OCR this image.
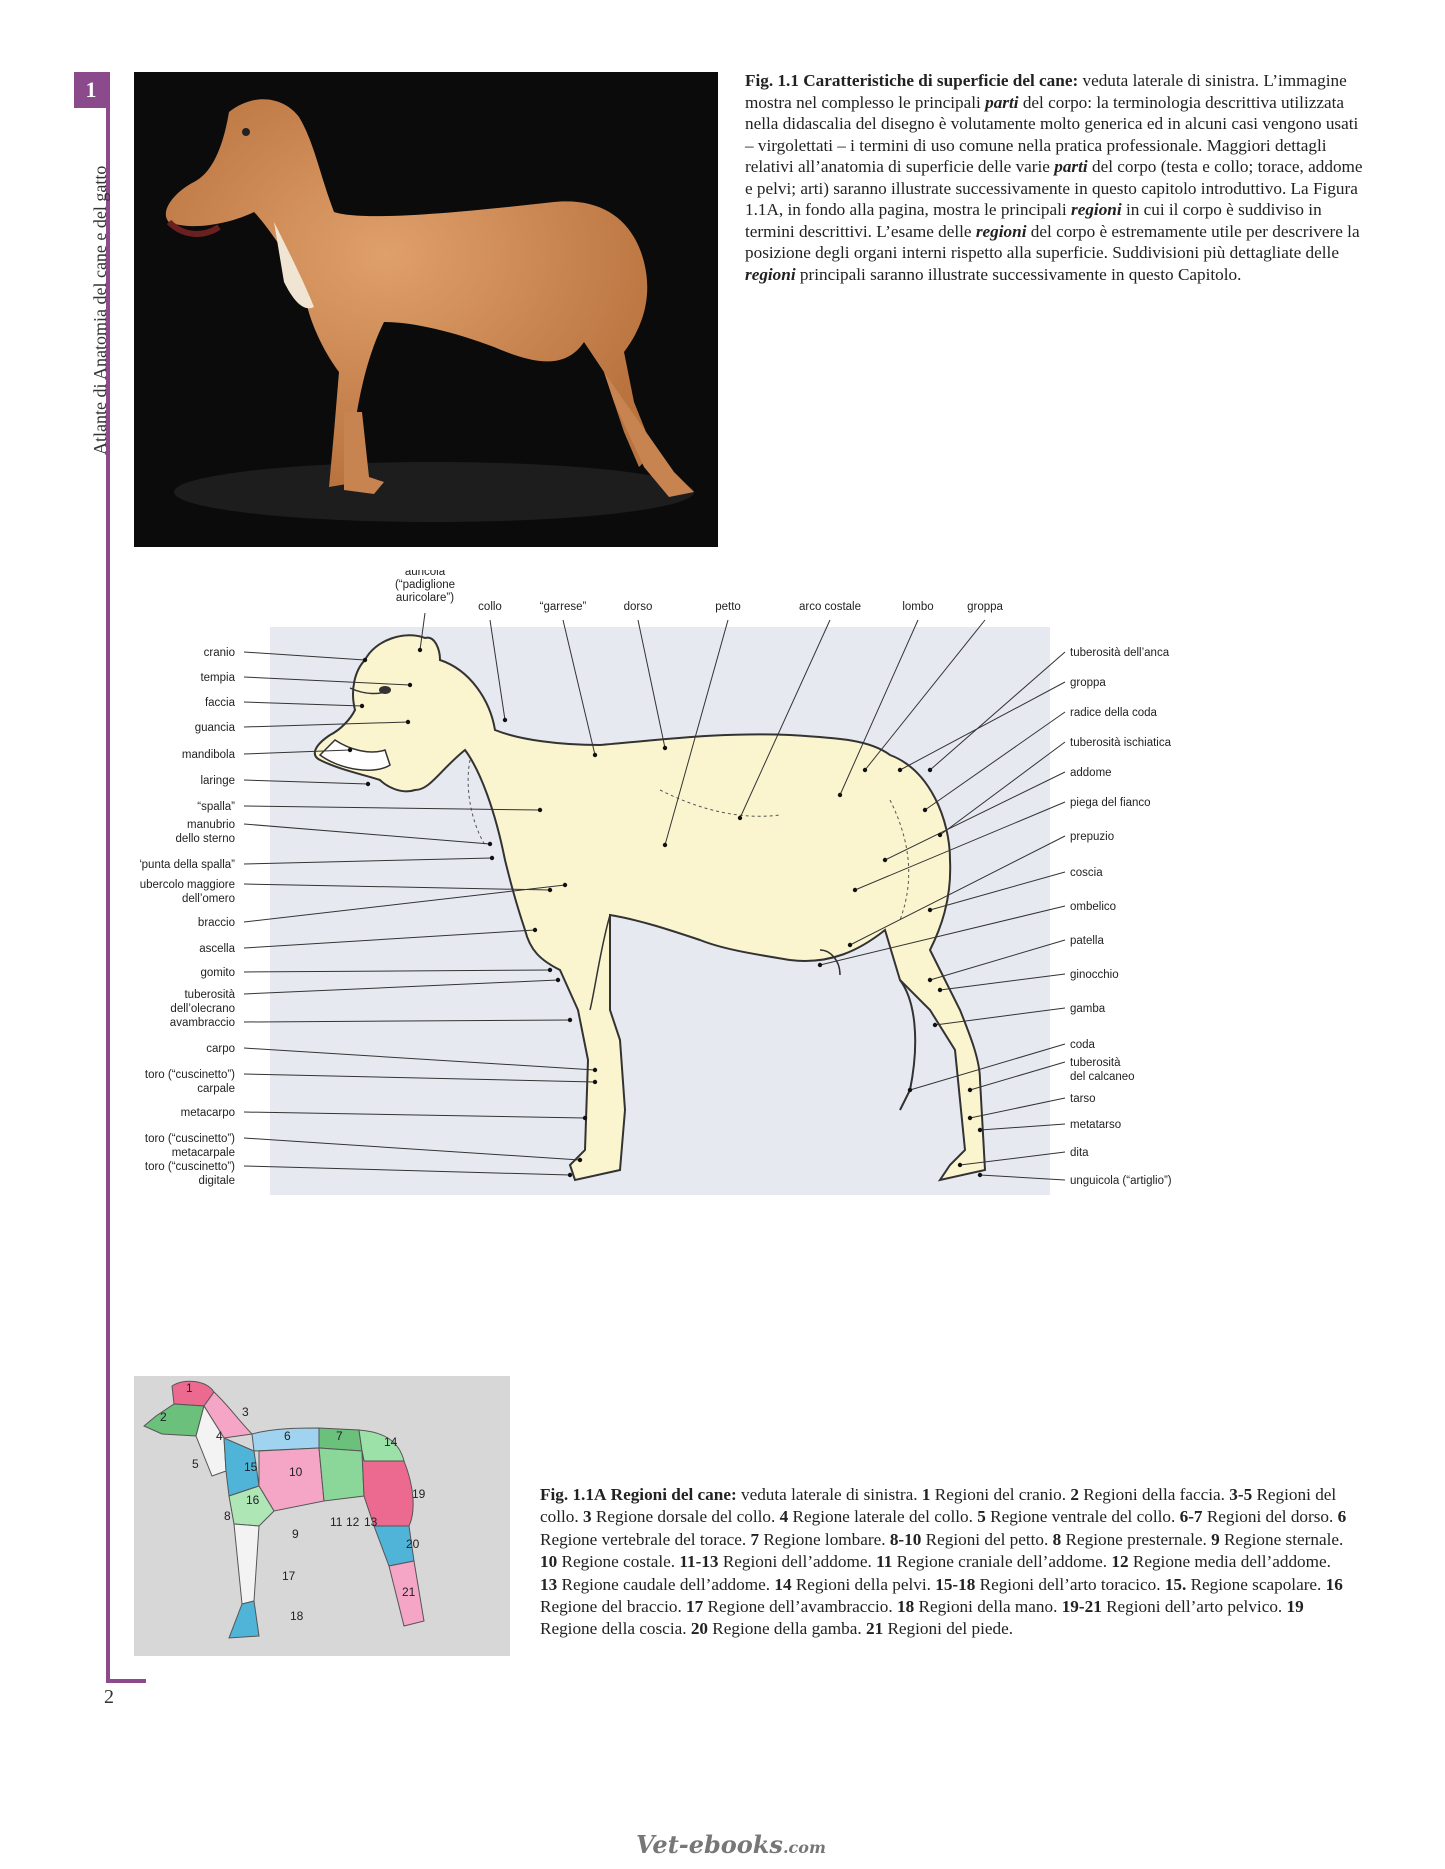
1
Atlante di Anatomia del cane e del gatto
2
Fig. 1.1 Caratteristiche di superficie del cane: veduta laterale di sinistra. L’immagine mostra nel complesso le principali parti del corpo: la terminologia descrittiva utilizzata nella didascalia del disegno è volutamente molto generica ed in alcuni casi vengono usati – virgolettati – i termini di uso comune nella pratica professionale. Maggiori dettagli relativi all’anatomia di superficie delle varie parti del corpo (testa e collo; torace, addome e pelvi; arti) saranno illustrate successivamente in questo capitolo introduttivo. La Figura 1.1A, in fondo alla pagina, mostra le principali regioni in cui il corpo è suddiviso in termini descrittivi. L’esame delle regioni del corpo è estremamente utile per descrivere la posizione degli organi interni rispetto alla superficie. Suddivisioni più dettagliate delle regioni principali saranno illustrate successivamente in questo Capitolo.
auricola
(“padiglione
auricolare”)
collo	“garrese”	dorso	petto	arco costale	lombo	groppa
cranio
tempia
faccia
guancia
mandibola
laringe
“spalla”
manubrio
dello sterno
“punta della spalla”
tubercolo maggiore
dell’omero
braccio
ascella
gomito
tuberosità
dell’olecrano
avambraccio
carpo
toro (“cuscinetto”)
carpale
metacarpo
toro (“cuscinetto”)
metacarpale
toro (“cuscinetto”)
digitale
tuberosità dell’anca
groppa
radice della coda
tuberosità ischiatica
addome
piega del fianco
prepuzio
coscia
ombelico
patella
ginocchio
gamba
coda
tuberosità
del calcaneo
tarso
metatarso
dita
unguicola (“artiglio”)
1
2	3
4
5
6	7
8
9
10
11 12 13
14
15
16
17
18
19
20
21
Fig. 1.1A Regioni del cane: veduta laterale di sinistra. 1 Regioni del cranio. 2 Regioni della faccia. 3-5 Regioni del collo. 3 Regione dorsale del collo. 4 Regione laterale del collo. 5 Regione ventrale del collo. 6-7 Regioni del dorso. 6 Regione vertebrale del torace. 7 Regione lombare. 8-10 Regioni del petto. 8 Regione presternale. 9 Regione sternale. 10 Regione costale. 11-13 Regioni dell’addome. 11 Regione craniale dell’addome. 12 Regione media dell’addome. 13 Regione caudale dell’addome. 14 Regioni della pelvi. 15-18 Regioni dell’arto toracico. 15. Regione scapolare. 16 Regione del braccio. 17 Regione dell’avambraccio. 18 Regioni della mano. 19-21 Regioni dell’arto pelvico. 19 Regione della coscia. 20 Regione della gamba. 21 Regioni del piede.
Vet-ebooks.com
